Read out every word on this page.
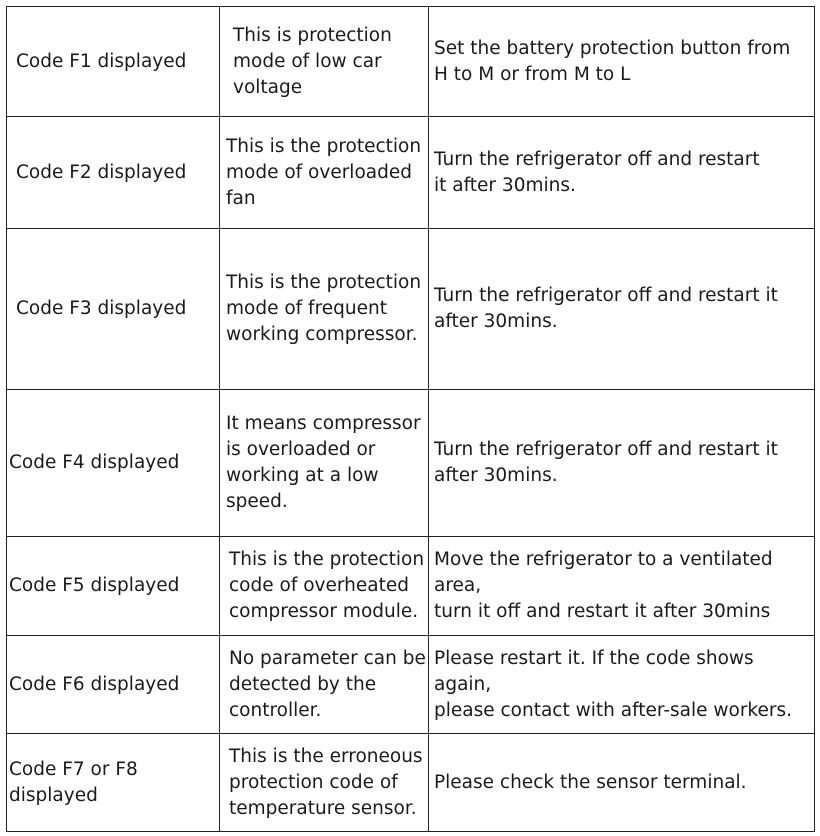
Code F1 displayed	This is protection
mode of low car
voltage	Set the battery protection button from
H to M or from M to L

Code F2 displayed	This is the protection
mode of overloaded
fan	Turn the refrigerator off and restart
it after 30mins.

Code F3 displayed	This is the protection
mode of frequent
working compressor.	Turn the refrigerator off and restart it
after 30mins.

Code F4 displayed	It means compressor
is overloaded or
working at a low
speed.	Turn the refrigerator off and restart it
after 30mins.

Code F5 displayed	This is the protection
code of overheated
compressor module.	Move the refrigerator to a ventilated area,
turn it off and restart it after 30mins

Code F6 displayed	No parameter can be
detected by the
controller.	Please restart it. If the code shows again,
please contact with after-sale workers.

Code F7 or F8
displayed	This is the erroneous
protection code of
temperature sensor.	Please check the sensor terminal.
